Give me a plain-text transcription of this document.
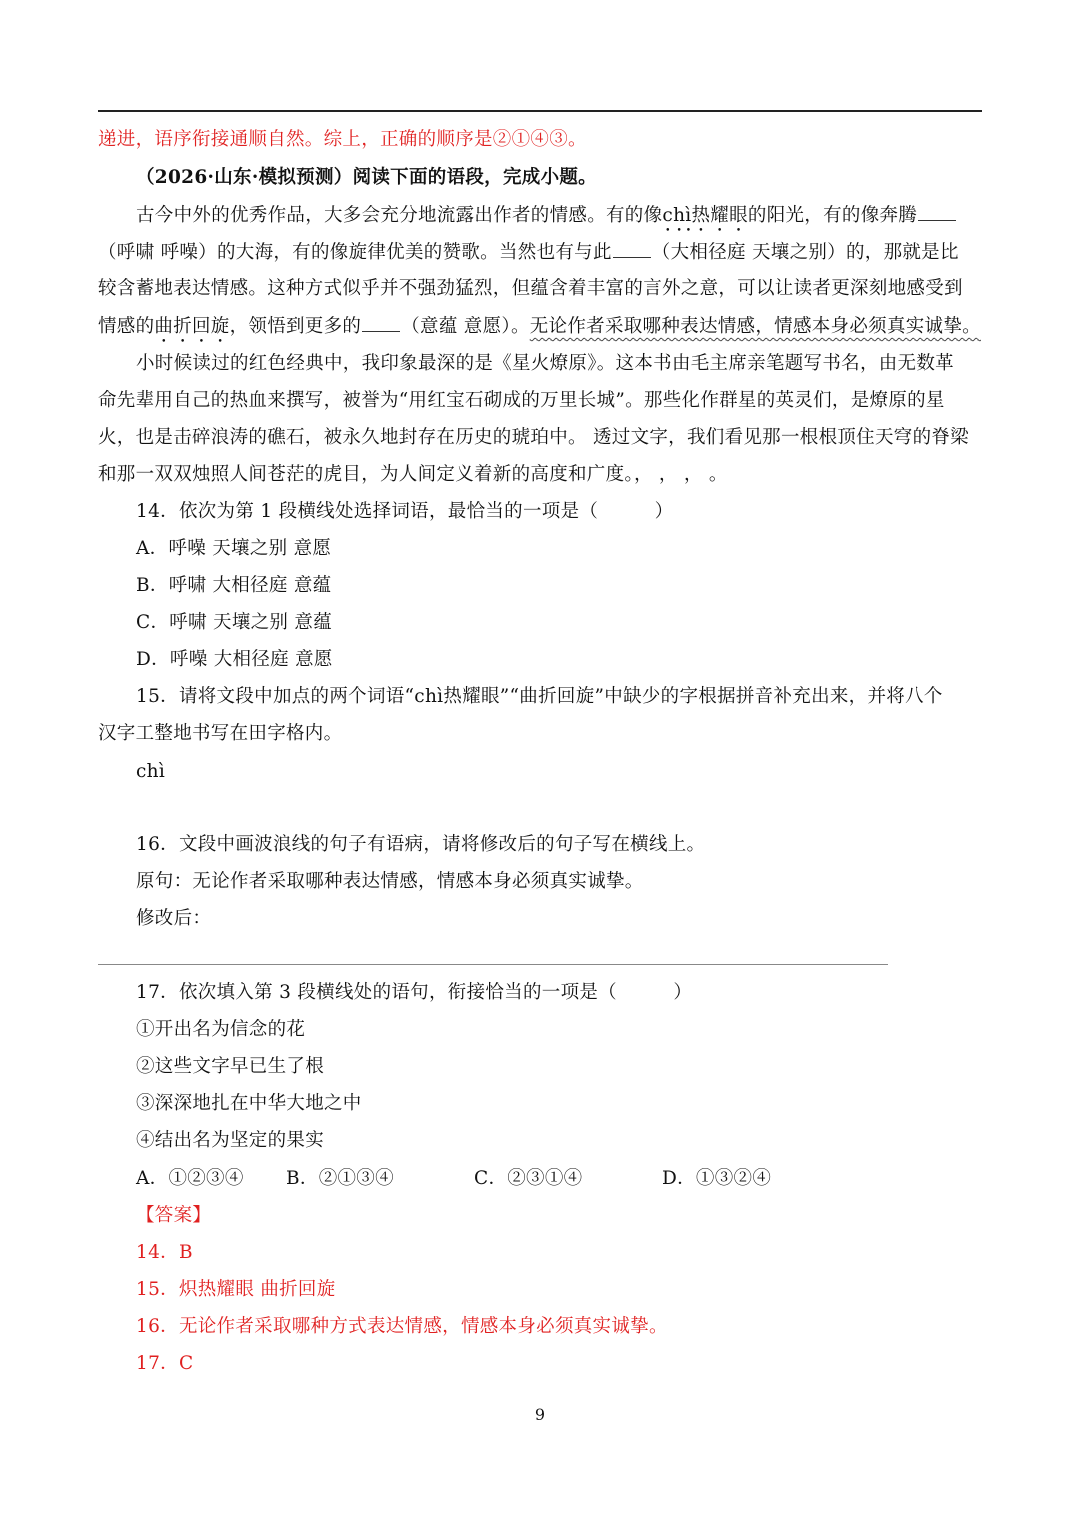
递进，语序衔接通顺自然。综上，正确的顺序是②①④③。
（2026·山东·模拟预测）阅读下面的语段，完成小题。
古今中外的优秀作品，大多会充分地流露出作者的情感。有的像chì热耀眼的阳光，有的像奔腾
（呼啸 呼噪）的大海，有的像旋律优美的赞歌。当然也有与此 （大相径庭 天壤之别）的，那就是比
较含蓄地表达情感。这种方式似乎并不强劲猛烈，但蕴含着丰富的言外之意，可以让读者更深刻地感受到
情感的曲折回旋，领悟到更多的 （意蕴 意愿）。无论作者采取哪种表达情感，情感本身必须真实诚挚。
小时候读过的红色经典中，我印象最深的是《星火燎原》。这本书由毛主席亲笔题写书名，由无数革
命先辈用自己的热血来撰写，被誉为“用红宝石砌成的万里长城”。那些化作群星的英灵们，是燎原的星
火，也是击碎浪涛的礁石，被永久地封存在历史的琥珀中。 透过文字，我们看见那一根根顶住天穹的脊梁
和那一双双烛照人间苍茫的虎目，为人间定义着新的高度和广度。， ， ， 。
14．依次为第 1 段横线处选择词语，最恰当的一项是（　　　）
A．呼噪 天壤之别 意愿
B．呼啸 大相径庭 意蕴
C．呼啸 天壤之别 意蕴
D．呼噪 大相径庭 意愿
15．请将文段中加点的两个词语“chì热耀眼”“曲折回旋”中缺少的字根据拼音补充出来，并将八个
汉字工整地书写在田字格内。
chì
16．文段中画波浪线的句子有语病，请将修改后的句子写在横线上。
原句：无论作者采取哪种表达情感，情感本身必须真实诚挚。
修改后：
17．依次填入第 3 段横线处的语句，衔接恰当的一项是（　　　）
①开出名为信念的花
②这些文字早已生了根
③深深地扎在中华大地之中
④结出名为坚定的果实
A．①②③④ B．②①③④	C．②③①④	D．①③②④
【答案】
14．B
15．炽热耀眼 曲折回旋
16．无论作者采取哪种方式表达情感，情感本身必须真实诚挚。
17．C
9
